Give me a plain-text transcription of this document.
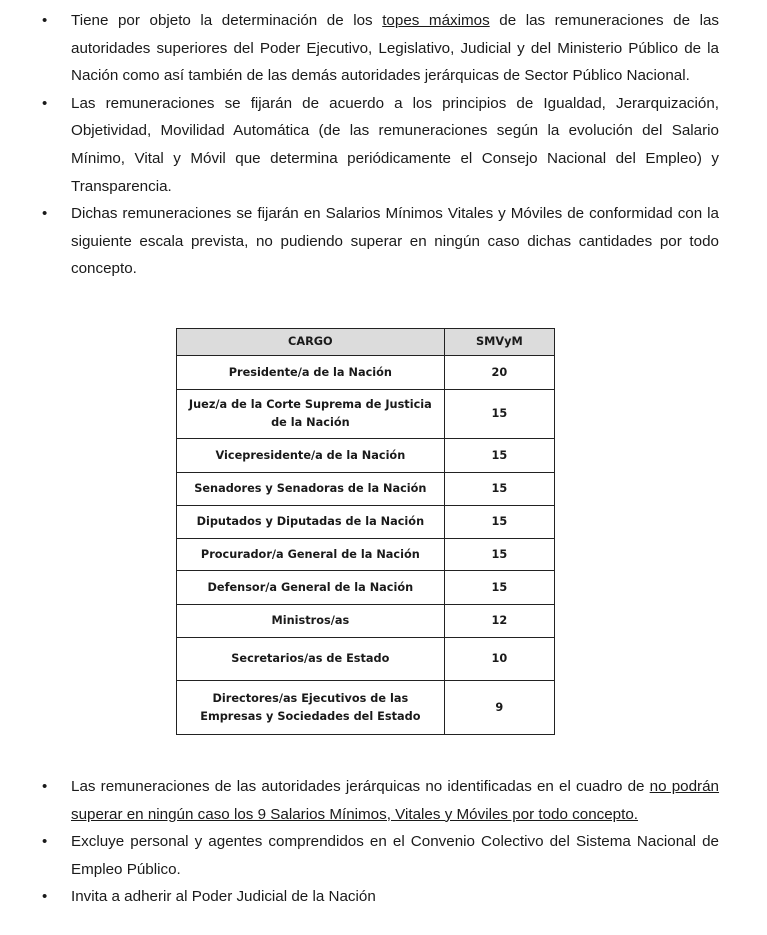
• Tiene por objeto la determinación de los topes máximos de las remuneraciones de las autoridades superiores del Poder Ejecutivo, Legislativo, Judicial y del Ministerio Público de la Nación como así también de las demás autoridades jerárquicas de Sector Público Nacional.
• Las remuneraciones se fijarán de acuerdo a los principios de Igualdad, Jerarquización, Objetividad, Movilidad Automática (de las remuneraciones según la evolución del Salario Mínimo, Vital y Móvil que determina periódicamente el Consejo Nacional del Empleo) y Transparencia.
• Dichas remuneraciones se fijarán en Salarios Mínimos Vitales y Móviles de conformidad con la siguiente escala prevista, no pudiendo superar en ningún caso dichas cantidades por todo concepto.
CARGO	SMVyM
Presidente/a de la Nación	20
Juez/a de la Corte Suprema de Justicia de la Nación	15
Vicepresidente/a de la Nación	15
Senadores y Senadoras de la Nación	15
Diputados y Diputadas de la Nación	15
Procurador/a General de la Nación	15
Defensor/a General de la Nación	15
Ministros/as	12
Secretarios/as de Estado	10
Directores/as Ejecutivos de las Empresas y Sociedades del Estado	9
• Las remuneraciones de las autoridades jerárquicas no identificadas en el cuadro de no podrán superar en ningún caso los 9 Salarios Mínimos, Vitales y Móviles por todo concepto.
• Excluye personal y agentes comprendidos en el Convenio Colectivo del Sistema Nacional de Empleo Público.
• Invita a adherir al Poder Judicial de la Nación
